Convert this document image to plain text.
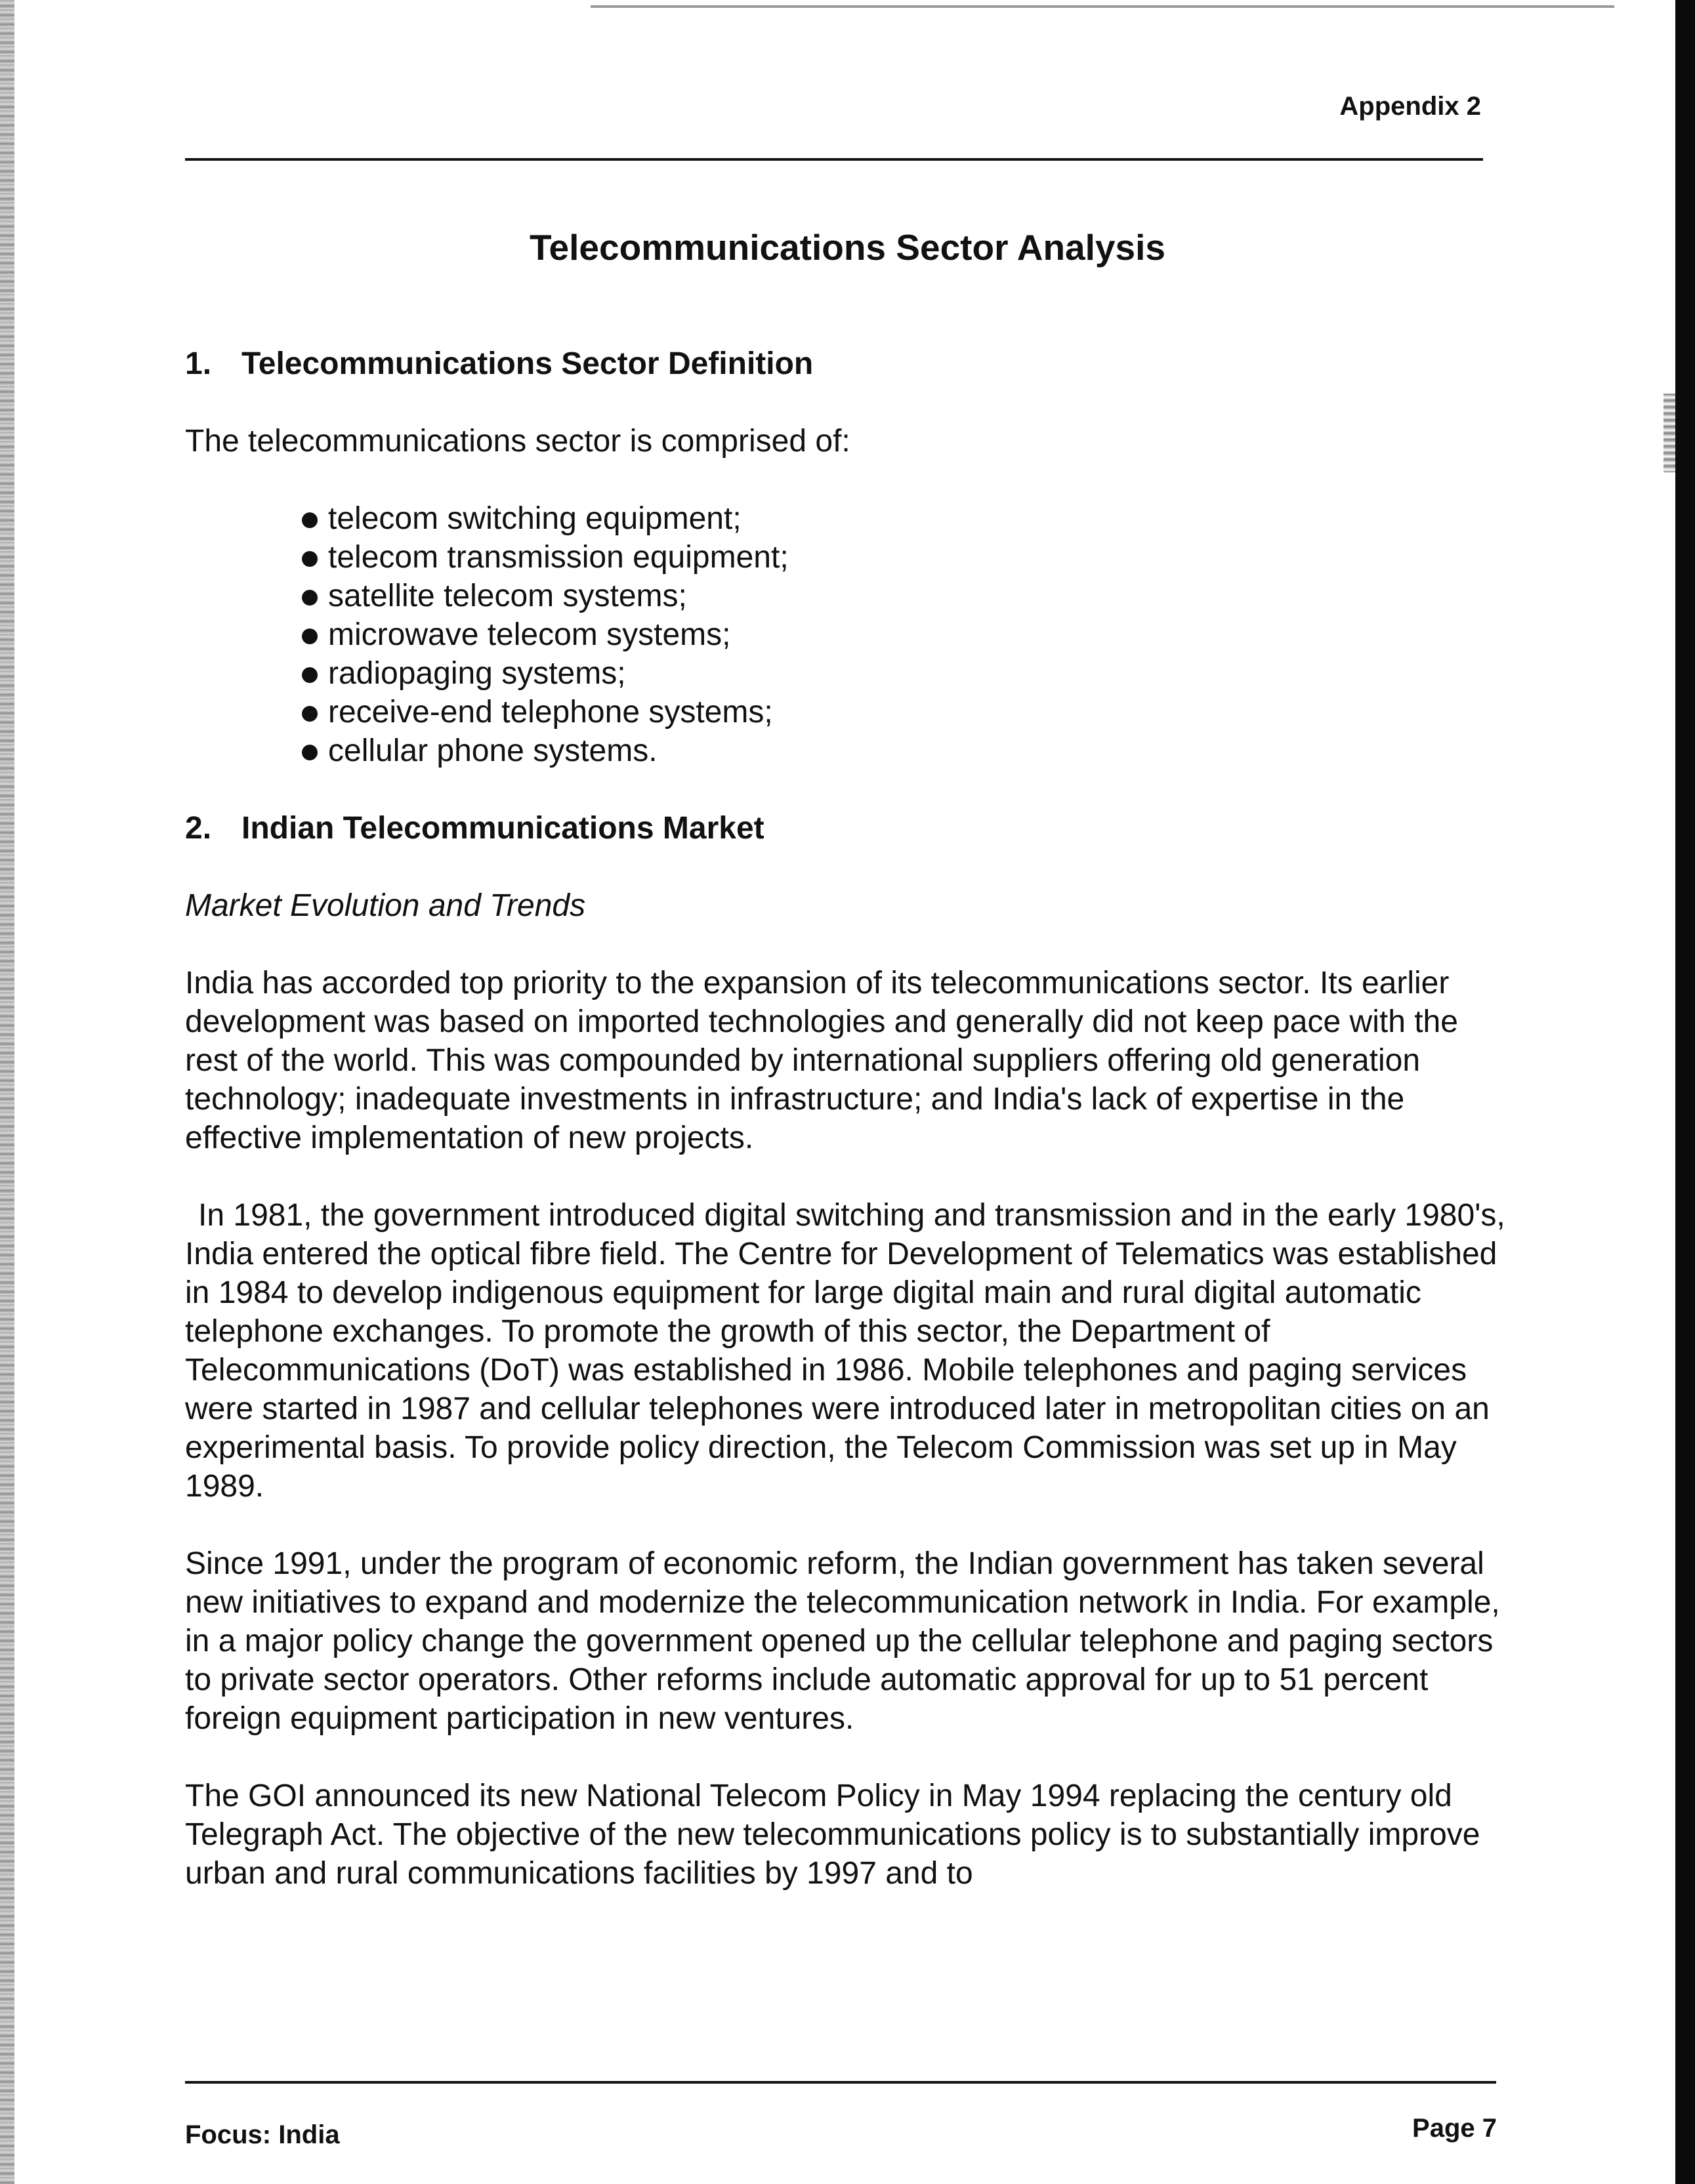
Appendix 2
Telecommunications Sector Analysis
1. Telecommunications Sector Definition

The telecommunications sector is comprised of:

telecom switching equipment;
telecom transmission equipment;
satellite telecom systems;
microwave telecom systems;
radiopaging systems;
receive-end telephone systems;
cellular phone systems.
2. Indian Telecommunications Market
Market Evolution and Trends

India has accorded top priority to the expansion of its telecommunications sector. Its earlier development was based on imported technologies and generally did not keep pace with the rest of the world. This was compounded by international suppliers offering old generation technology; inadequate investments in infrastructure; and India's lack of expertise in the effective implementation of new projects.

In 1981, the government introduced digital switching and transmission and in the early 1980's, India entered the optical fibre field. The Centre for Development of Telematics was established in 1984 to develop indigenous equipment for large digital main and rural digital automatic telephone exchanges. To promote the growth of this sector, the Department of Telecommunications (DoT) was established in 1986. Mobile telephones and paging services were started in 1987 and cellular telephones were introduced later in metropolitan cities on an experimental basis. To provide policy direction, the Telecom Commission was set up in May 1989.

Since 1991, under the program of economic reform, the Indian government has taken several new initiatives to expand and modernize the telecommunication network in India. For example, in a major policy change the government opened up the cellular telephone and paging sectors to private sector operators. Other reforms include automatic approval for up to 51 percent foreign equipment participation in new ventures.

The GOI announced its new National Telecom Policy in May 1994 replacing the century old Telegraph Act. The objective of the new telecommunications policy is to substantially improve urban and rural communications facilities by 1997 and to

Focus: India	Page 7
